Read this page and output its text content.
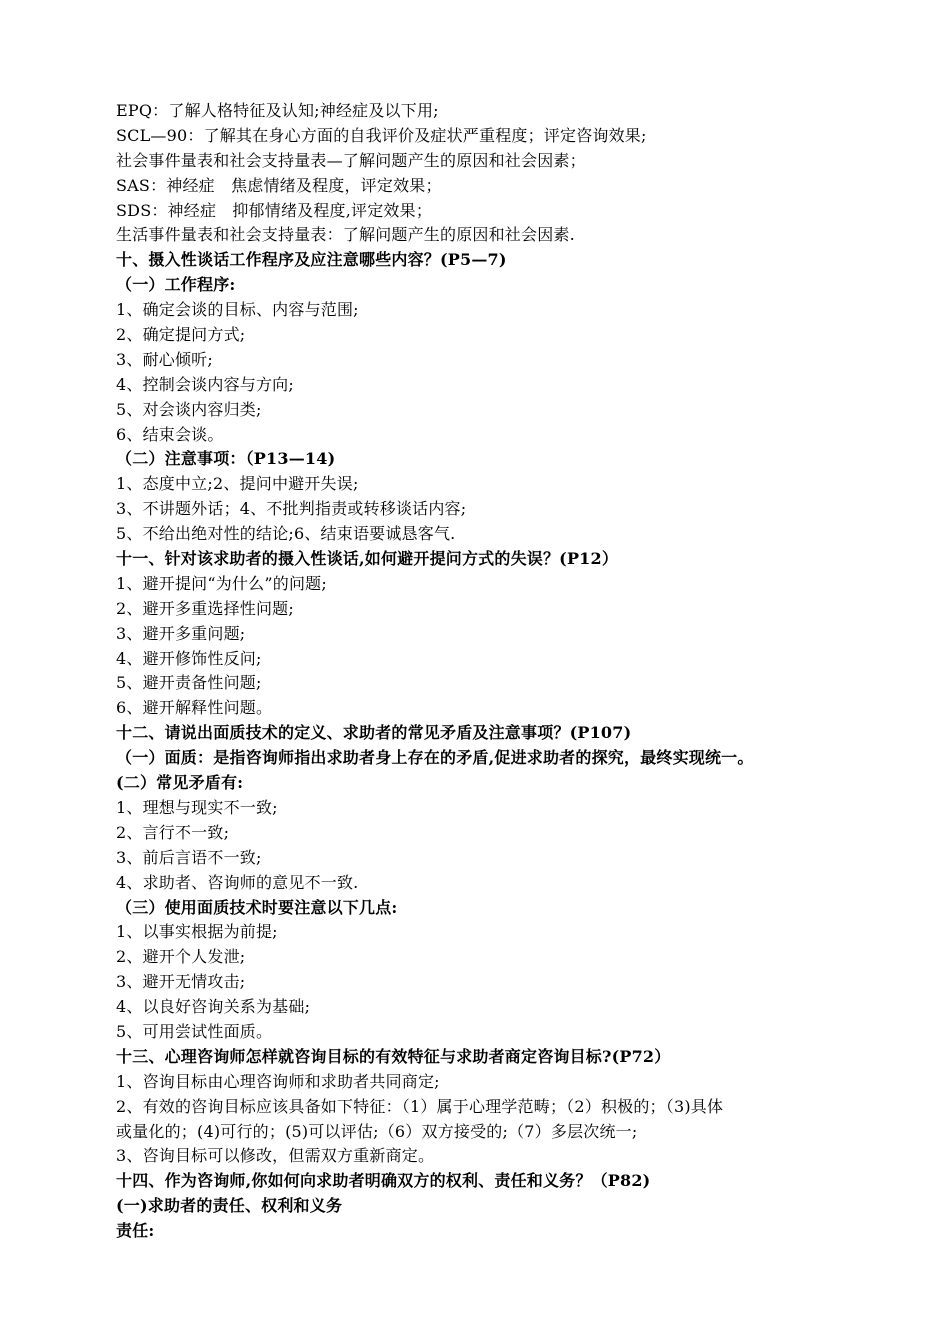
EPQ：了解人格特征及认知;神经症及以下用;
SCL—90：了解其在身心方面的自我评价及症状严重程度；评定咨询效果;
社会事件量表和社会支持量表—了解问题产生的原因和社会因素；
SAS：神经症　焦虑情绪及程度，评定效果；
SDS：神经症　抑郁情绪及程度,评定效果；
生活事件量表和社会支持量表：了解问题产生的原因和社会因素.
十、摄入性谈话工作程序及应注意哪些内容？(P5—7)
（一）工作程序:
1、确定会谈的目标、内容与范围;
2、确定提问方式;
3、耐心倾听;
4、控制会谈内容与方向;
5、对会谈内容归类;
6、结束会谈。
（二）注意事项：（P13—14)
1、态度中立;2、提问中避开失误;
3、不讲题外话；4、不批判指责或转移谈话内容;
5、不给出绝对性的结论;6、结束语要诚恳客气.
十一、针对该求助者的摄入性谈话,如何避开提问方式的失误？(P12）
1、避开提问“为什么”的问题;
2、避开多重选择性问题;
3、避开多重问题;
4、避开修饰性反问;
5、避开责备性问题;
6、避开解释性问题。
十二、请说出面质技术的定义、求助者的常见矛盾及注意事项？(P107)
（一）面质：是指咨询师指出求助者身上存在的矛盾,促进求助者的探究，最终实现统一。
(二）常见矛盾有:
1、理想与现实不一致;
2、言行不一致;
3、前后言语不一致;
4、求助者、咨询师的意见不一致.
（三）使用面质技术时要注意以下几点:
1、以事实根据为前提;
2、避开个人发泄;
3、避开无情攻击;
4、以良好咨询关系为基础;
5、可用尝试性面质。
十三、心理咨询师怎样就咨询目标的有效特征与求助者商定咨询目标?(P72）
1、咨询目标由心理咨询师和求助者共同商定;
2、有效的咨询目标应该具备如下特征：（1）属于心理学范畴；（2）积极的；（3)具体
或量化的；(4)可行的；(5)可以评估;（6）双方接受的;（7）多层次统一;
3、咨询目标可以修改，但需双方重新商定。
十四、作为咨询师,你如何向求助者明确双方的权利、责任和义务？（P82)
(一)求助者的责任、权利和义务
责任:
